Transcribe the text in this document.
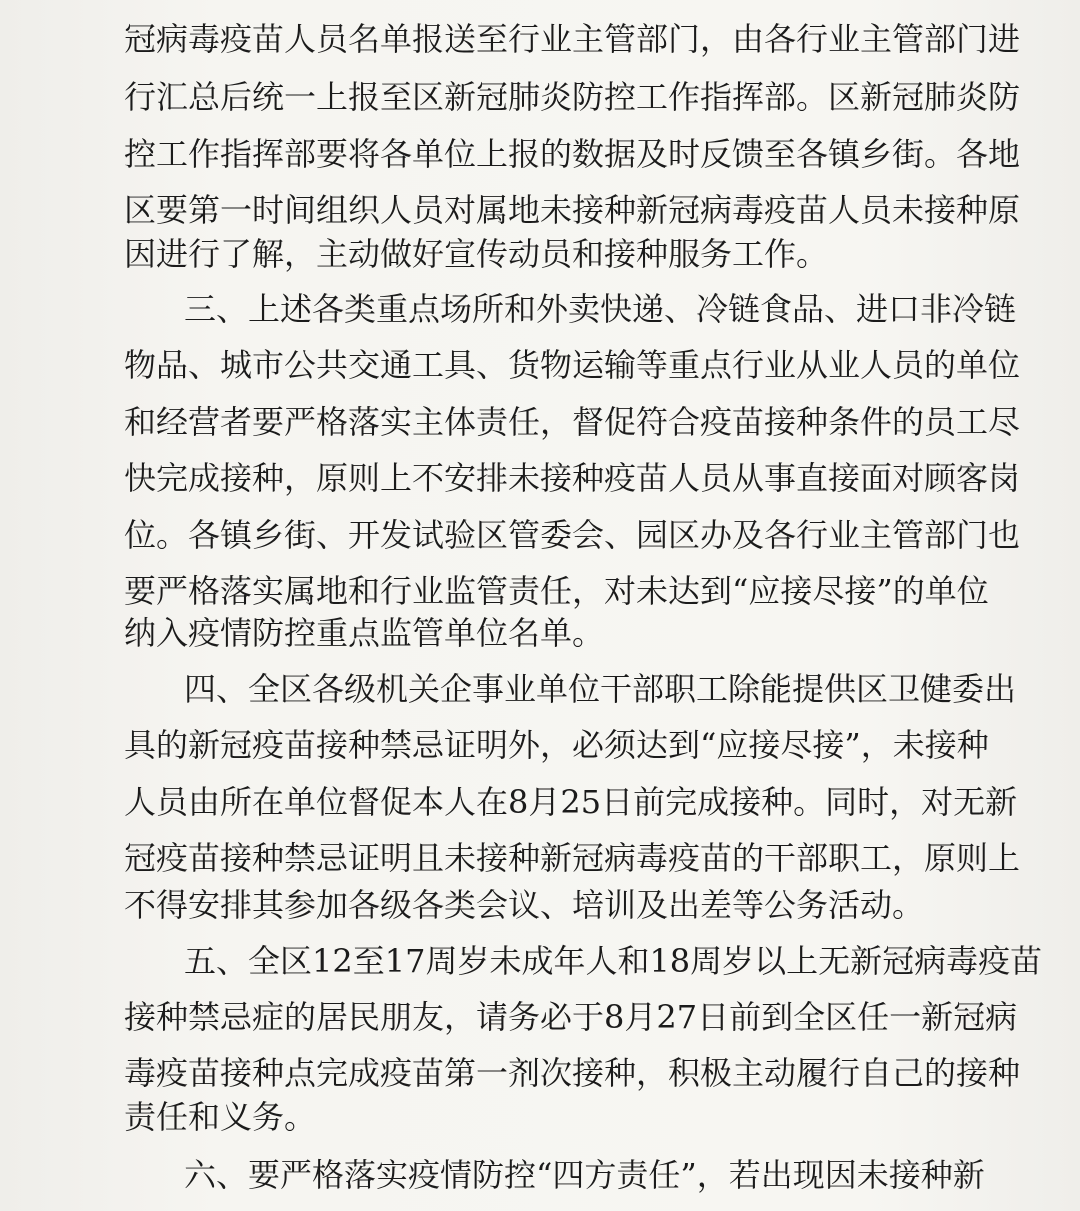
冠病毒疫苗人员名单报送至行业主管部门，由各行业主管部门进
行汇总后统一上报至区新冠肺炎防控工作指挥部。区新冠肺炎防
控工作指挥部要将各单位上报的数据及时反馈至各镇乡街。各地
区要第一时间组织人员对属地未接种新冠病毒疫苗人员未接种原
因进行了解，主动做好宣传动员和接种服务工作。
三、上述各类重点场所和外卖快递、冷链食品、进口非冷链
物品、城市公共交通工具、货物运输等重点行业从业人员的单位
和经营者要严格落实主体责任，督促符合疫苗接种条件的员工尽
快完成接种，原则上不安排未接种疫苗人员从事直接面对顾客岗
位。各镇乡街、开发试验区管委会、园区办及各行业主管部门也
要严格落实属地和行业监管责任，对未达到“应接尽接”的单位
纳入疫情防控重点监管单位名单。
四、全区各级机关企事业单位干部职工除能提供区卫健委出
具的新冠疫苗接种禁忌证明外，必须达到“应接尽接”，未接种
人员由所在单位督促本人在8月25日前完成接种。同时，对无新
冠疫苗接种禁忌证明且未接种新冠病毒疫苗的干部职工，原则上
不得安排其参加各级各类会议、培训及出差等公务活动。
五、全区12至17周岁未成年人和18周岁以上无新冠病毒疫苗
接种禁忌症的居民朋友，请务必于8月27日前到全区任一新冠病
毒疫苗接种点完成疫苗第一剂次接种，积极主动履行自己的接种
责任和义务。
六、要严格落实疫情防控“四方责任”，若出现因未接种新
